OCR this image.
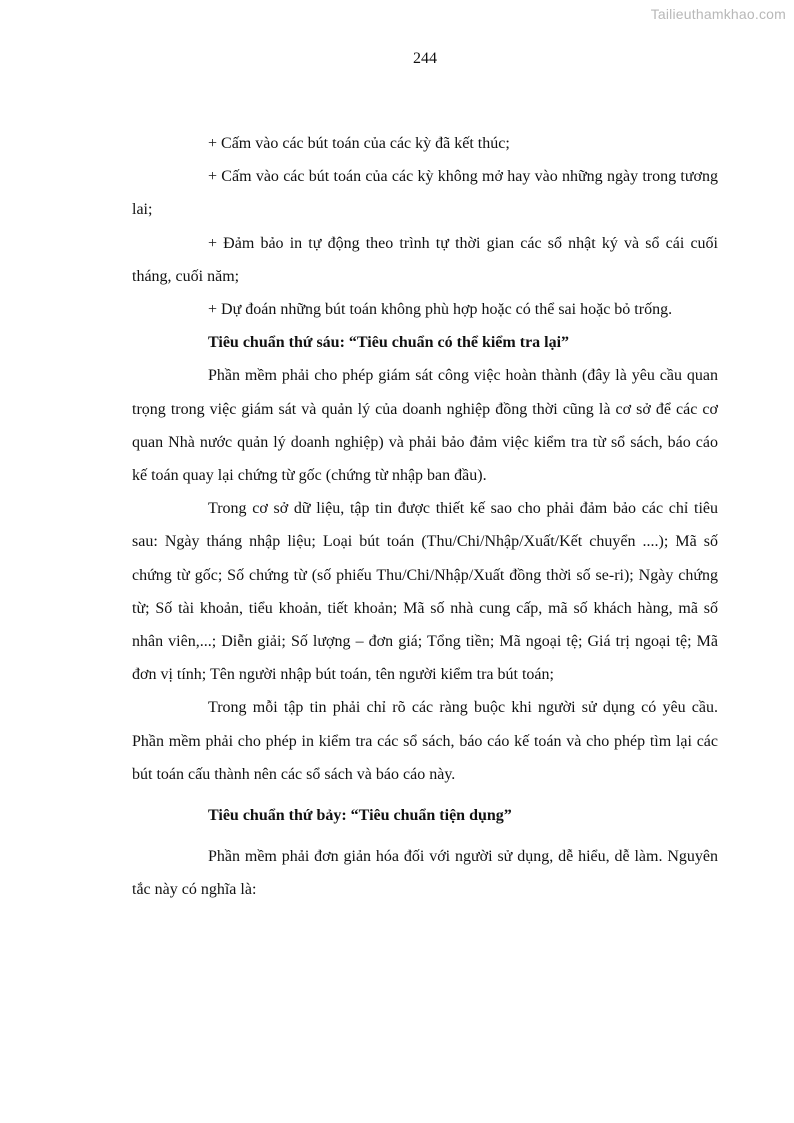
Tailieuthamkhao.com
244

+ Cấm vào các bút toán của các kỳ đã kết thúc;

+ Cấm vào các bút toán của các kỳ không mở hay vào những ngày trong tương lai;

+ Đảm bảo in tự động theo trình tự thời gian các sổ nhật ký và sổ cái cuối tháng, cuối năm;

+ Dự đoán những bút toán không phù hợp hoặc có thể sai hoặc bỏ trống.

Tiêu chuẩn thứ sáu: “Tiêu chuẩn có thể kiểm tra lại”

Phần mềm phải cho phép giám sát công việc hoàn thành (đây là yêu cầu quan trọng trong việc giám sát và quản lý của doanh nghiệp đồng thời cũng là cơ sở để các cơ quan Nhà nước quản lý doanh nghiệp) và phải bảo đảm việc kiểm tra từ sổ sách, báo cáo kế toán quay lại chứng từ gốc (chứng từ nhập ban đầu).

Trong cơ sở dữ liệu, tập tin được thiết kế sao cho phải đảm bảo các chỉ tiêu sau: Ngày tháng nhập liệu; Loại bút toán (Thu/Chi/Nhập/Xuất/Kết chuyển ....); Mã số chứng từ gốc; Số chứng từ (số phiếu Thu/Chi/Nhập/Xuất đồng thời số se-ri); Ngày chứng từ; Số tài khoản, tiểu khoản, tiết khoản; Mã số nhà cung cấp, mã số khách hàng, mã số nhân viên,...; Diễn giải; Số lượng – đơn giá; Tổng tiền; Mã ngoại tệ; Giá trị ngoại tệ; Mã đơn vị tính; Tên người nhập bút toán, tên người kiểm tra bút toán;

Trong mỗi tập tin phải chỉ rõ các ràng buộc khi người sử dụng có yêu cầu. Phần mềm phải cho phép in kiểm tra các sổ sách, báo cáo kế toán và cho phép tìm lại các bút toán cấu thành nên các sổ sách và báo cáo này.

Tiêu chuẩn thứ bảy: “Tiêu chuẩn tiện dụng”

Phần mềm phải đơn giản hóa đối với người sử dụng, dễ hiểu, dễ làm. Nguyên tắc này có nghĩa là:
